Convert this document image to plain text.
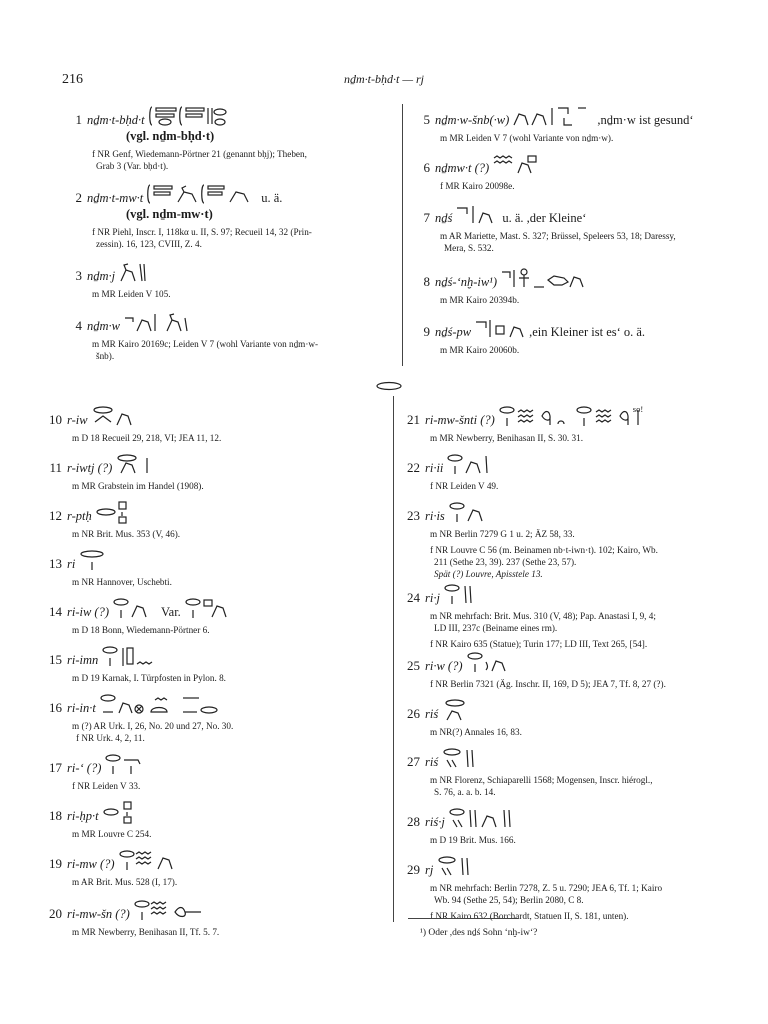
216	nḏm·t-bḥd·t — rj
1 nḏm·t-bḥd·t
(vgl. nḏm-bḥd·t)
f NR Genf, Wiedemann-Pörtner 21 (genannt bḥj); Theben,
Grab 3 (Var. bḥd·t).
2 nḏm·t-mw·t	u. ä.
(vgl. nḏm-mw·t)
f NR Piehl, Inscr. I, 118kα u. II, S. 97; Recueil 14, 32 (Prin-
zessin). 16, 123, CVIII, Z. 4.
3 nḏm·j
m MR Leiden V 105.
4 nḏm·w
m MR Kairo 20169c; Leiden V 7 (wohl Variante von nḏm·w-
šnb).
5 nḏm·w-šnb(·w)	,nḏm·w ist gesund‘
m MR Leiden V 7 (wohl Variante von nḏm·w).
6 nḏmw·t (?)
f MR Kairo 20098e.
7 nḏś	u. ä. ,der Kleine‘
m AR Mariette, Mast. S. 327; Brüssel, Speleers 53, 18; Daressy,
Mera, S. 532.
8 nḏś-‘nḫ-iw¹)
m MR Kairo 20394b.
9 nḏś-pw	,ein Kleiner ist es‘ o. ä.
m MR Kairo 20060b.
10 r-iw
m D 18 Recueil 29, 218, VI; JEA 11, 12.
11 r-iwtj (?)
m MR Grabstein im Handel (1908).
12 r-ptḥ
m NR Brit. Mus. 353 (V, 46).
13 ri
m NR Hannover, Uschebti.
14 ri-iw (?)	Var.
m D 18 Bonn, Wiedemann-Pörtner 6.
15 ri-imn
m D 19 Karnak, I. Türpfosten in Pylon. 8.
16 ri-in·t
m (?) AR Urk. I, 26, No. 20 und 27, No. 30.
f NR Urk. 4, 2, 11.
17 ri-‘ (?)
f NR Leiden V 33.
18 ri-ḥp·t
m MR Louvre C 254.
19 ri-mw (?)
m AR Brit. Mus. 528 (I, 17).
20 ri-mw-šn (?)
m MR Newberry, Benihasan II, Tf. 5. 7.
21 ri-mw-šnti (?)
so!
m MR Newberry, Benihasan II, S. 30. 31.
22 ri·ii
f NR Leiden V 49.
23 ri·is
m NR Berlin 7279 G 1 u. 2; ÄZ 58, 33.
f NR Louvre C 56 (m. Beinamen nb·t-iwn·t). 102; Kairo, Wb.
211 (Sethe 23, 39). 237 (Sethe 23, 57).
Spät (?) Louvre, Apisstele 13.
24 ri·j
m NR mehrfach: Brit. Mus. 310 (V, 48); Pap. Anastasi I, 9, 4;
LD III, 237c (Beiname eines rm).
f NR Kairo 635 (Statue); Turin 177; LD III, Text 265, [54].
25 ri·w (?)
f NR Berlin 7321 (Äg. Inschr. II, 169, D 5); JEA 7, Tf. 8, 27 (?).
26 riś
m NR(?) Annales 16, 83.
27 riś
m NR Florenz, Schiaparelli 1568; Mogensen, Inscr. hiérogl.,
S. 76, a. a. b. 14.
28 riś·j
m D 19 Brit. Mus. 166.
29 rj
m NR mehrfach: Berlin 7278, Z. 5 u. 7290; JEA 6, Tf. 1; Kairo
Wb. 94 (Sethe 25, 54); Berlin 2080, C 8.
f NR Kairo 632 (Borchardt, Statuen II, S. 181, unten).
¹) Oder ,des nḏś Sohn ‘nḫ-iw‘?
